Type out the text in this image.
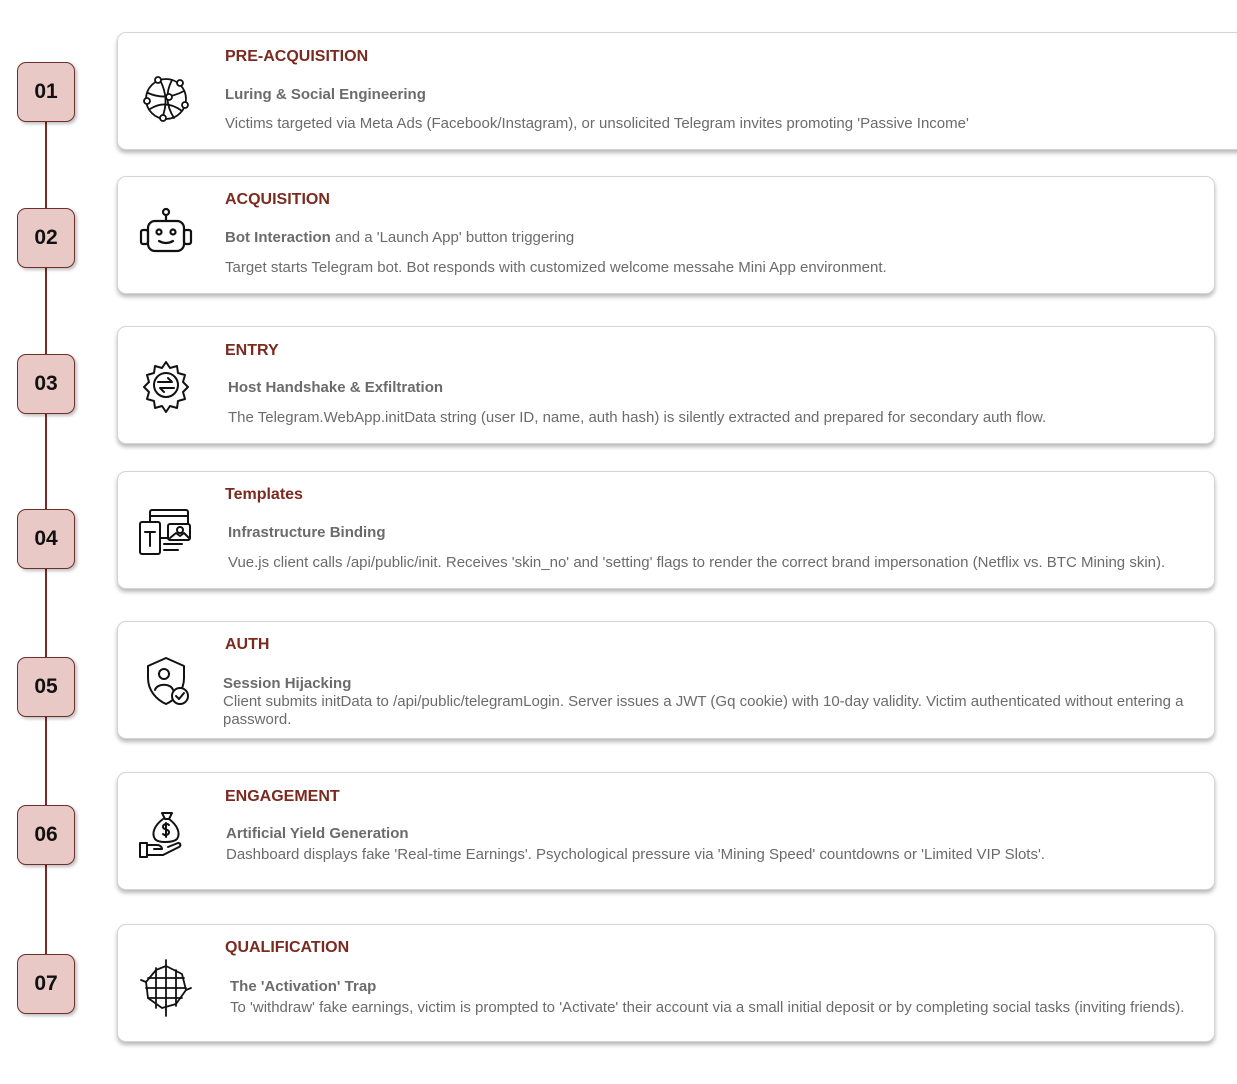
01
PRE-ACQUISITION
Luring & Social Engineering
Victims targeted via Meta Ads (Facebook/Instagram), or unsolicited Telegram invites promoting 'Passive Income'
02
ACQUISITION
Bot Interaction and a 'Launch App' button triggering
Target starts Telegram bot. Bot responds with customized welcome messahe Mini App environment.
03
ENTRY
Host Handshake & Exfiltration
The Telegram.WebApp.initData string (user ID, name, auth hash) is silently extracted and prepared for secondary auth flow.
04
Templates
Infrastructure Binding
Vue.js client calls /api/public/init. Receives 'skin_no' and 'setting' flags to render the correct brand impersonation (Netflix vs. BTC Mining skin).
05
AUTH
Session Hijacking
Client submits initData to /api/public/telegramLogin. Server issues a JWT (Gq cookie) with 10-day validity. Victim authenticated without entering a password.
06
ENGAGEMENT
Artificial Yield Generation
Dashboard displays fake 'Real-time Earnings'. Psychological pressure via 'Mining Speed' countdowns or 'Limited VIP Slots'.
07
QUALIFICATION
The 'Activation' Trap
To 'withdraw' fake earnings, victim is prompted to 'Activate' their account via a small initial deposit or by completing social tasks (inviting friends).
